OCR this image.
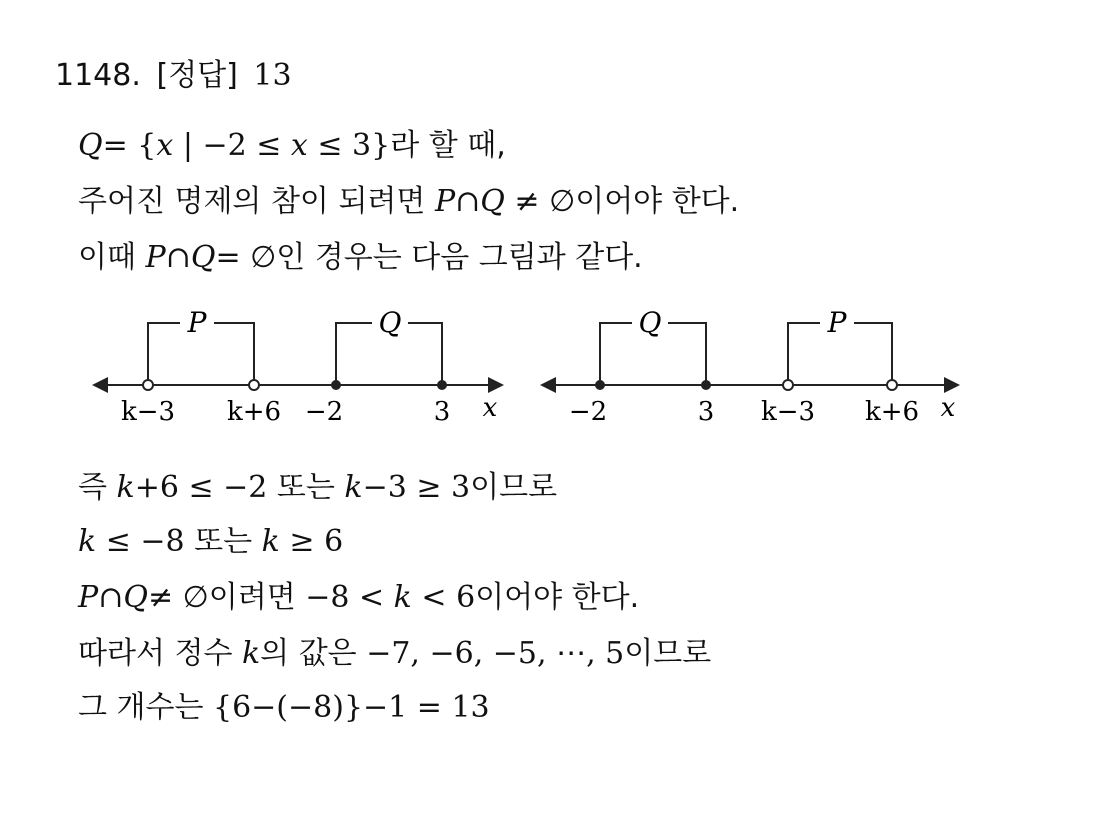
1148. [정답] 13
Q= {x | −2 ≤ x ≤ 3}라 할 때,
주어진 명제의 참이 되려면 P∩Q ≠ ∅이어야 한다.
이때 P∩Q= ∅인 경우는 다음 그림과 같다.
P	Q
k−3 k+6 −2	3 x
Q	P
−2	3 k−3 k+6 x
즉 k+6 ≤ −2 또는 k−3 ≥ 3이므로
k ≤ −8 또는 k ≥ 6
P∩Q≠ ∅이려면 −8 < k < 6이어야 한다.
따라서 정수 k의 값은 −7, −6, −5, ⋯, 5이므로
그 개수는 {6−(−8)}−1 = 13
